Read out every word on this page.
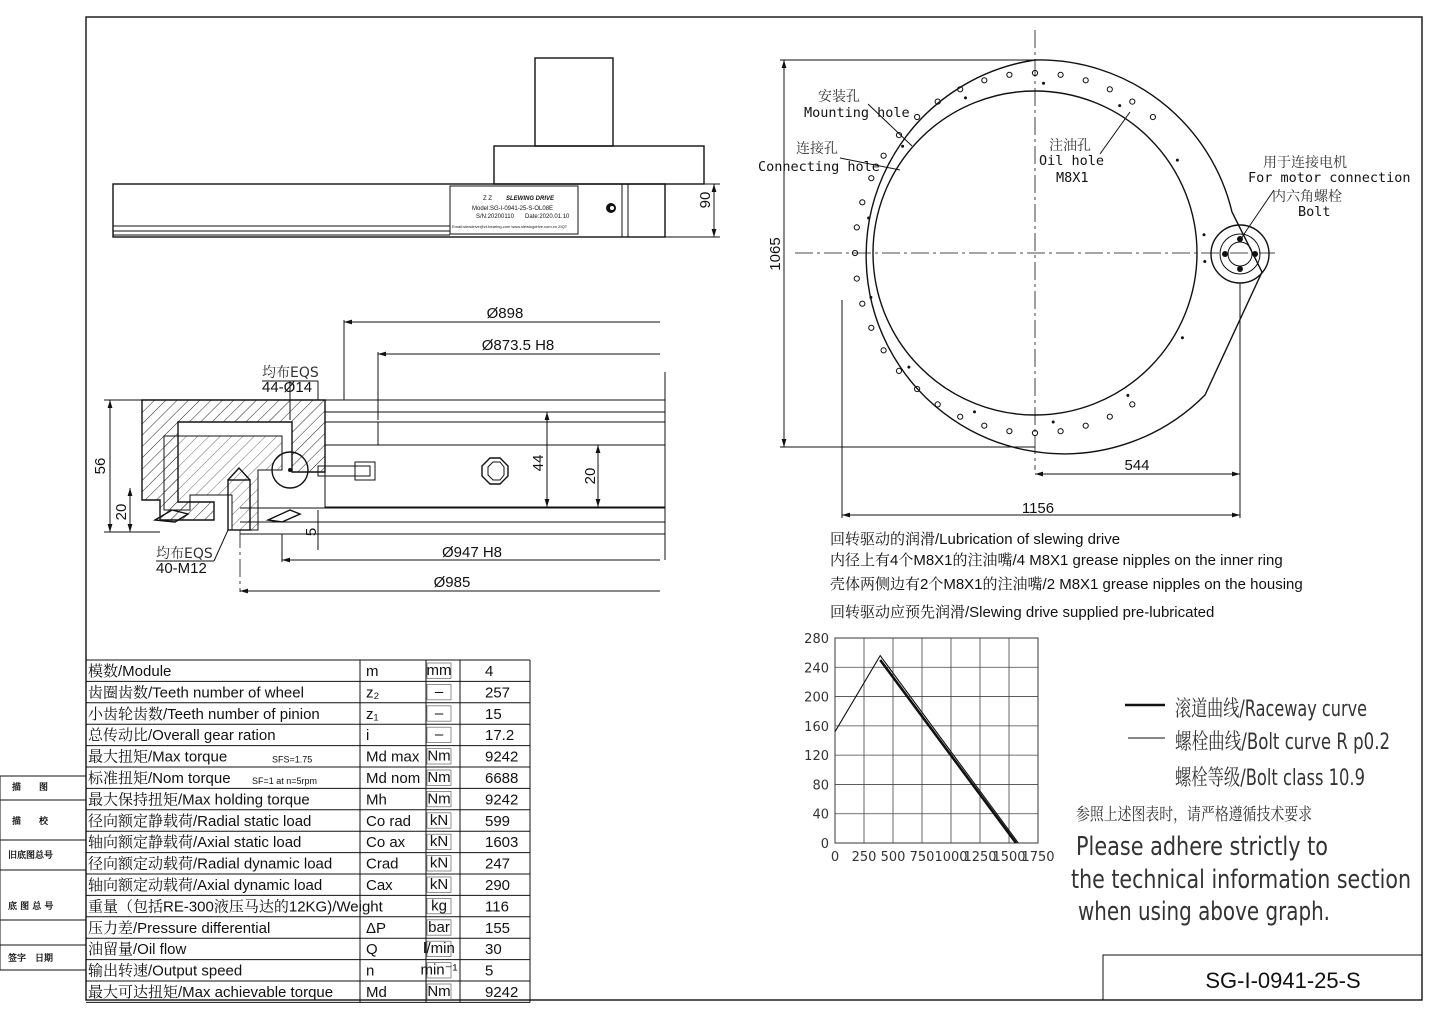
描　　图
描　　校
旧底图总号
底 图 总 号
签字　日期
SG-I-0941-25-S
Z Z SLEWING DRIVE
Model:SG-I-0941-25-S-OL08E
S/N:20200110 Date:2020.01.10
Email:slewdrive@zt-bearing.com www.slewingdrive.com.cn ZIQT
90
Ø898
Ø873.5 H8
均布EQS
44-Ø14
56
20
44
20
5
均布EQS
40-M12
Ø947 H8
Ø985
1065
544
1156
安装孔
Mounting hole
连接孔
Connecting hole
注油孔
Oil hole
M8X1
用于连接电机
For motor connection
内六角螺栓
Bolt
回转驱动的润滑/Lubrication of slewing drive
内径上有4个M8X1的注油嘴/4 M8X1 grease nipples on the inner ring
壳体两侧边有2个M8X1的注油嘴/2 M8X1 grease nipples on the housing
回转驱动应预先润滑/Slewing drive supplied pre-lubricated
0 250 500 750 1000
1250
1500
1750
0
40
80
120
160
200
240
280
滚道曲线/Raceway curve
螺栓曲线/Bolt curve R p0.2
螺栓等级/Bolt class 10.9
参照上述图表时，请严格遵循技术要求
Please adhere strictly to
the technical information section
when using above graph.
模数/Module	m	mm 4
齿圈齿数/Teeth number of wheel	z₂	–	257
小齿轮齿数/Teeth number of pinion	z₁	–	15
总传动比/Overall gear ration	i	–	17.2
最大扭矩/Max torque	SFS=1.75	Md max Nm 9242
标准扭矩/Nom torque SF=1 at n=5rpm	Md nom Nm 6688
最大保持扭矩/Max holding torque	Mh	Nm 9242
径向额定静载荷/Radial static load	Co rad kN 599
轴向额定静载荷/Axial static load	Co ax kN 1603
径向额定动载荷/Radial dynamic load Crad kN 247
轴向额定动载荷/Axial dynamic load	Cax kN 290
重量（包括RE-300液压马达的12KG)/Weight	kg	116
压力差/Pressure differential	ΔP	bar 155
油留量/Oil flow	Q	l/min 30
输出转速/Output speed	n	min⁻¹ 5
最大可达扭矩/Max achievable torque Md	Nm 9242
